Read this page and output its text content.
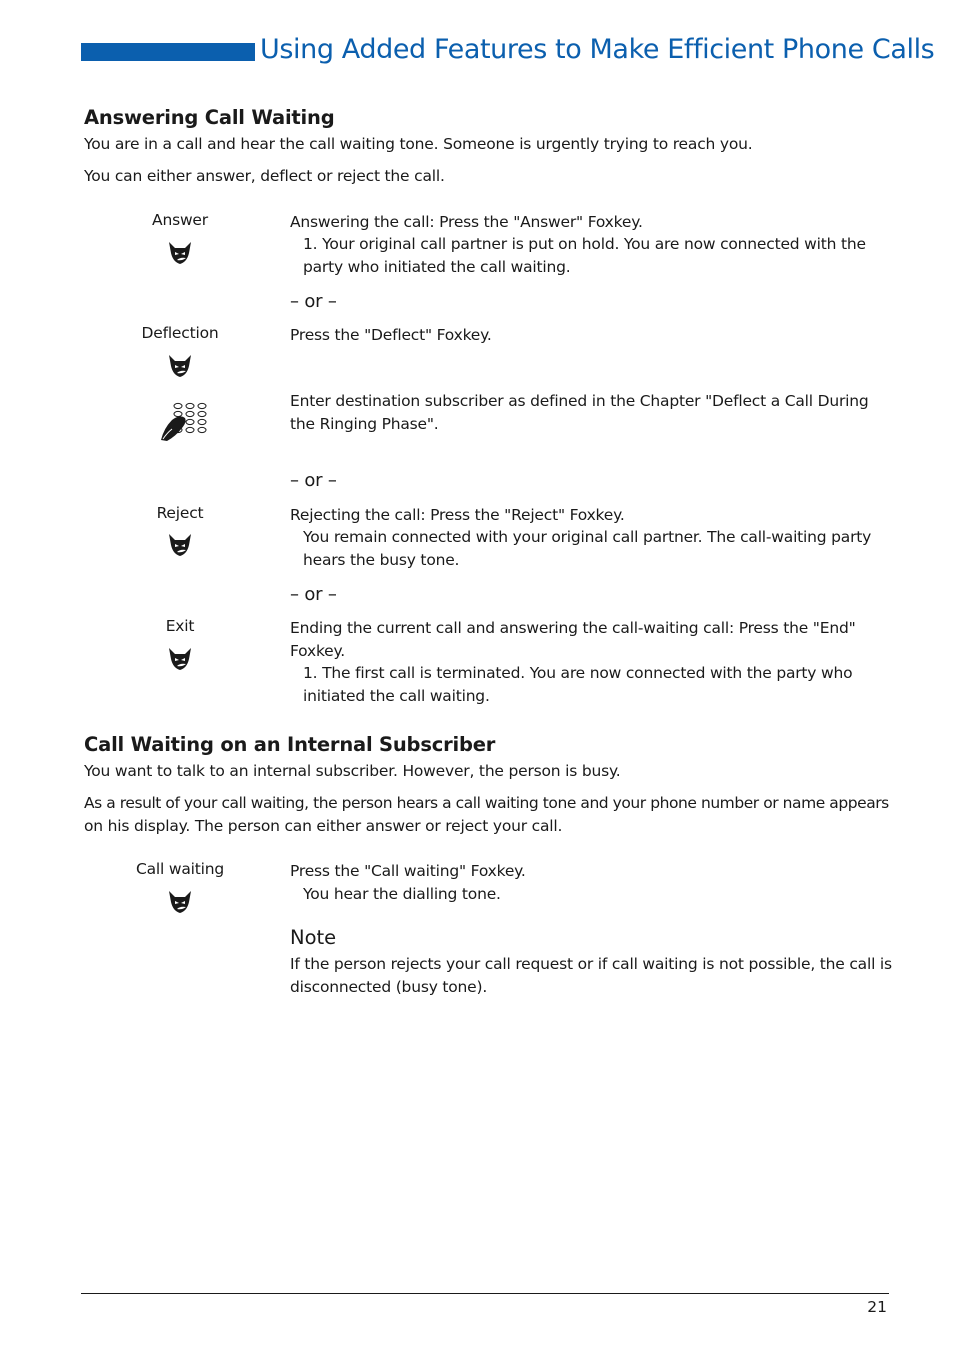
Using Added Features to Make Efficient Phone Calls
Answering Call Waiting
You are in a call and hear the call waiting tone. Someone is urgently trying to reach you.
You can either answer, deflect or reject the call.
Answer	Answering the call: Press the "Answer" Foxkey.
1. Your original call partner is put on hold. You are now connected with the
party who initiated the call waiting.
– or –
Deflection	Press the "Deflect" Foxkey.
Enter destination subscriber as defined in the Chapter "Deflect a Call During
the Ringing Phase".
– or –
Reject	Rejecting the call: Press the "Reject" Foxkey.
You remain connected with your original call partner. The call-waiting party
hears the busy tone.
– or –
Exit	Ending the current call and answering the call-waiting call: Press the "End"
Foxkey.
1. The first call is terminated. You are now connected with the party who
initiated the call waiting.
Call Waiting on an Internal Subscriber
You want to talk to an internal subscriber. However, the person is busy.
As a result of your call waiting, the person hears a call waiting tone and your phone number or name appears
on his display. The person can either answer or reject your call.
Call waiting	Press the "Call waiting" Foxkey.
You hear the dialling tone.
Note
If the person rejects your call request or if call waiting is not possible, the call is
disconnected (busy tone).
21
